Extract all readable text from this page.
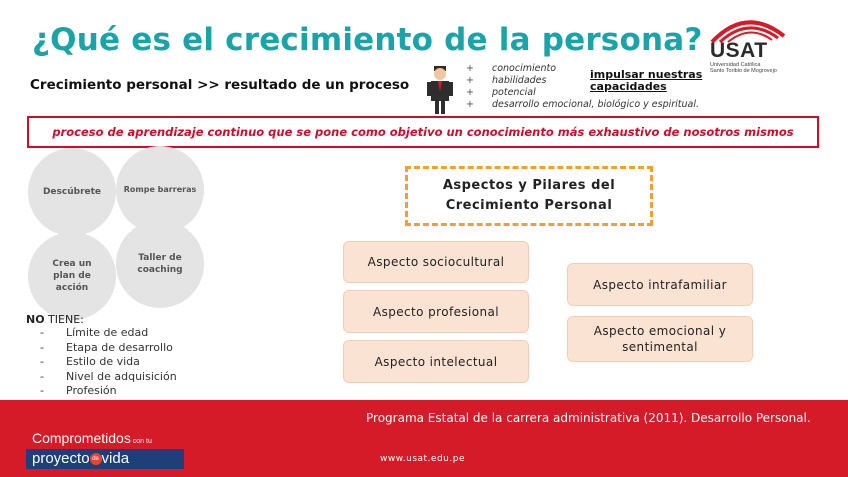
¿Qué es el crecimiento de la persona? USAT
Universidad Católica
Santo Toribio de Mogrovejo
Crecimiento personal >> resultado de un proceso
+ conocimiento
+ habilidades
+ potencial
+ desarrollo emocional, biológico y espiritual.
impulsar nuestras capacidades
proceso de aprendizaje continuo que se pone como objetivo un conocimiento más exhaustivo de nosotros mismos
Descúbrete	Rompe barreras
Crea un plan de acción
Taller de coaching
NO TIENE:
- Límite de edad
- Etapa de desarrollo
- Estilo de vida
- Nivel de adquisición
- Profesión
Aspectos y Pilares del Crecimiento Personal
Aspecto sociocultural
Aspecto profesional
Aspecto intelectual
Aspecto intrafamiliar
Aspecto emocional y sentimental
Programa Estatal de la carrera administrativa (2011). Desarrollo Personal.
www.usat.edu.pe
Comprometidos con tu
proyecto de vida
